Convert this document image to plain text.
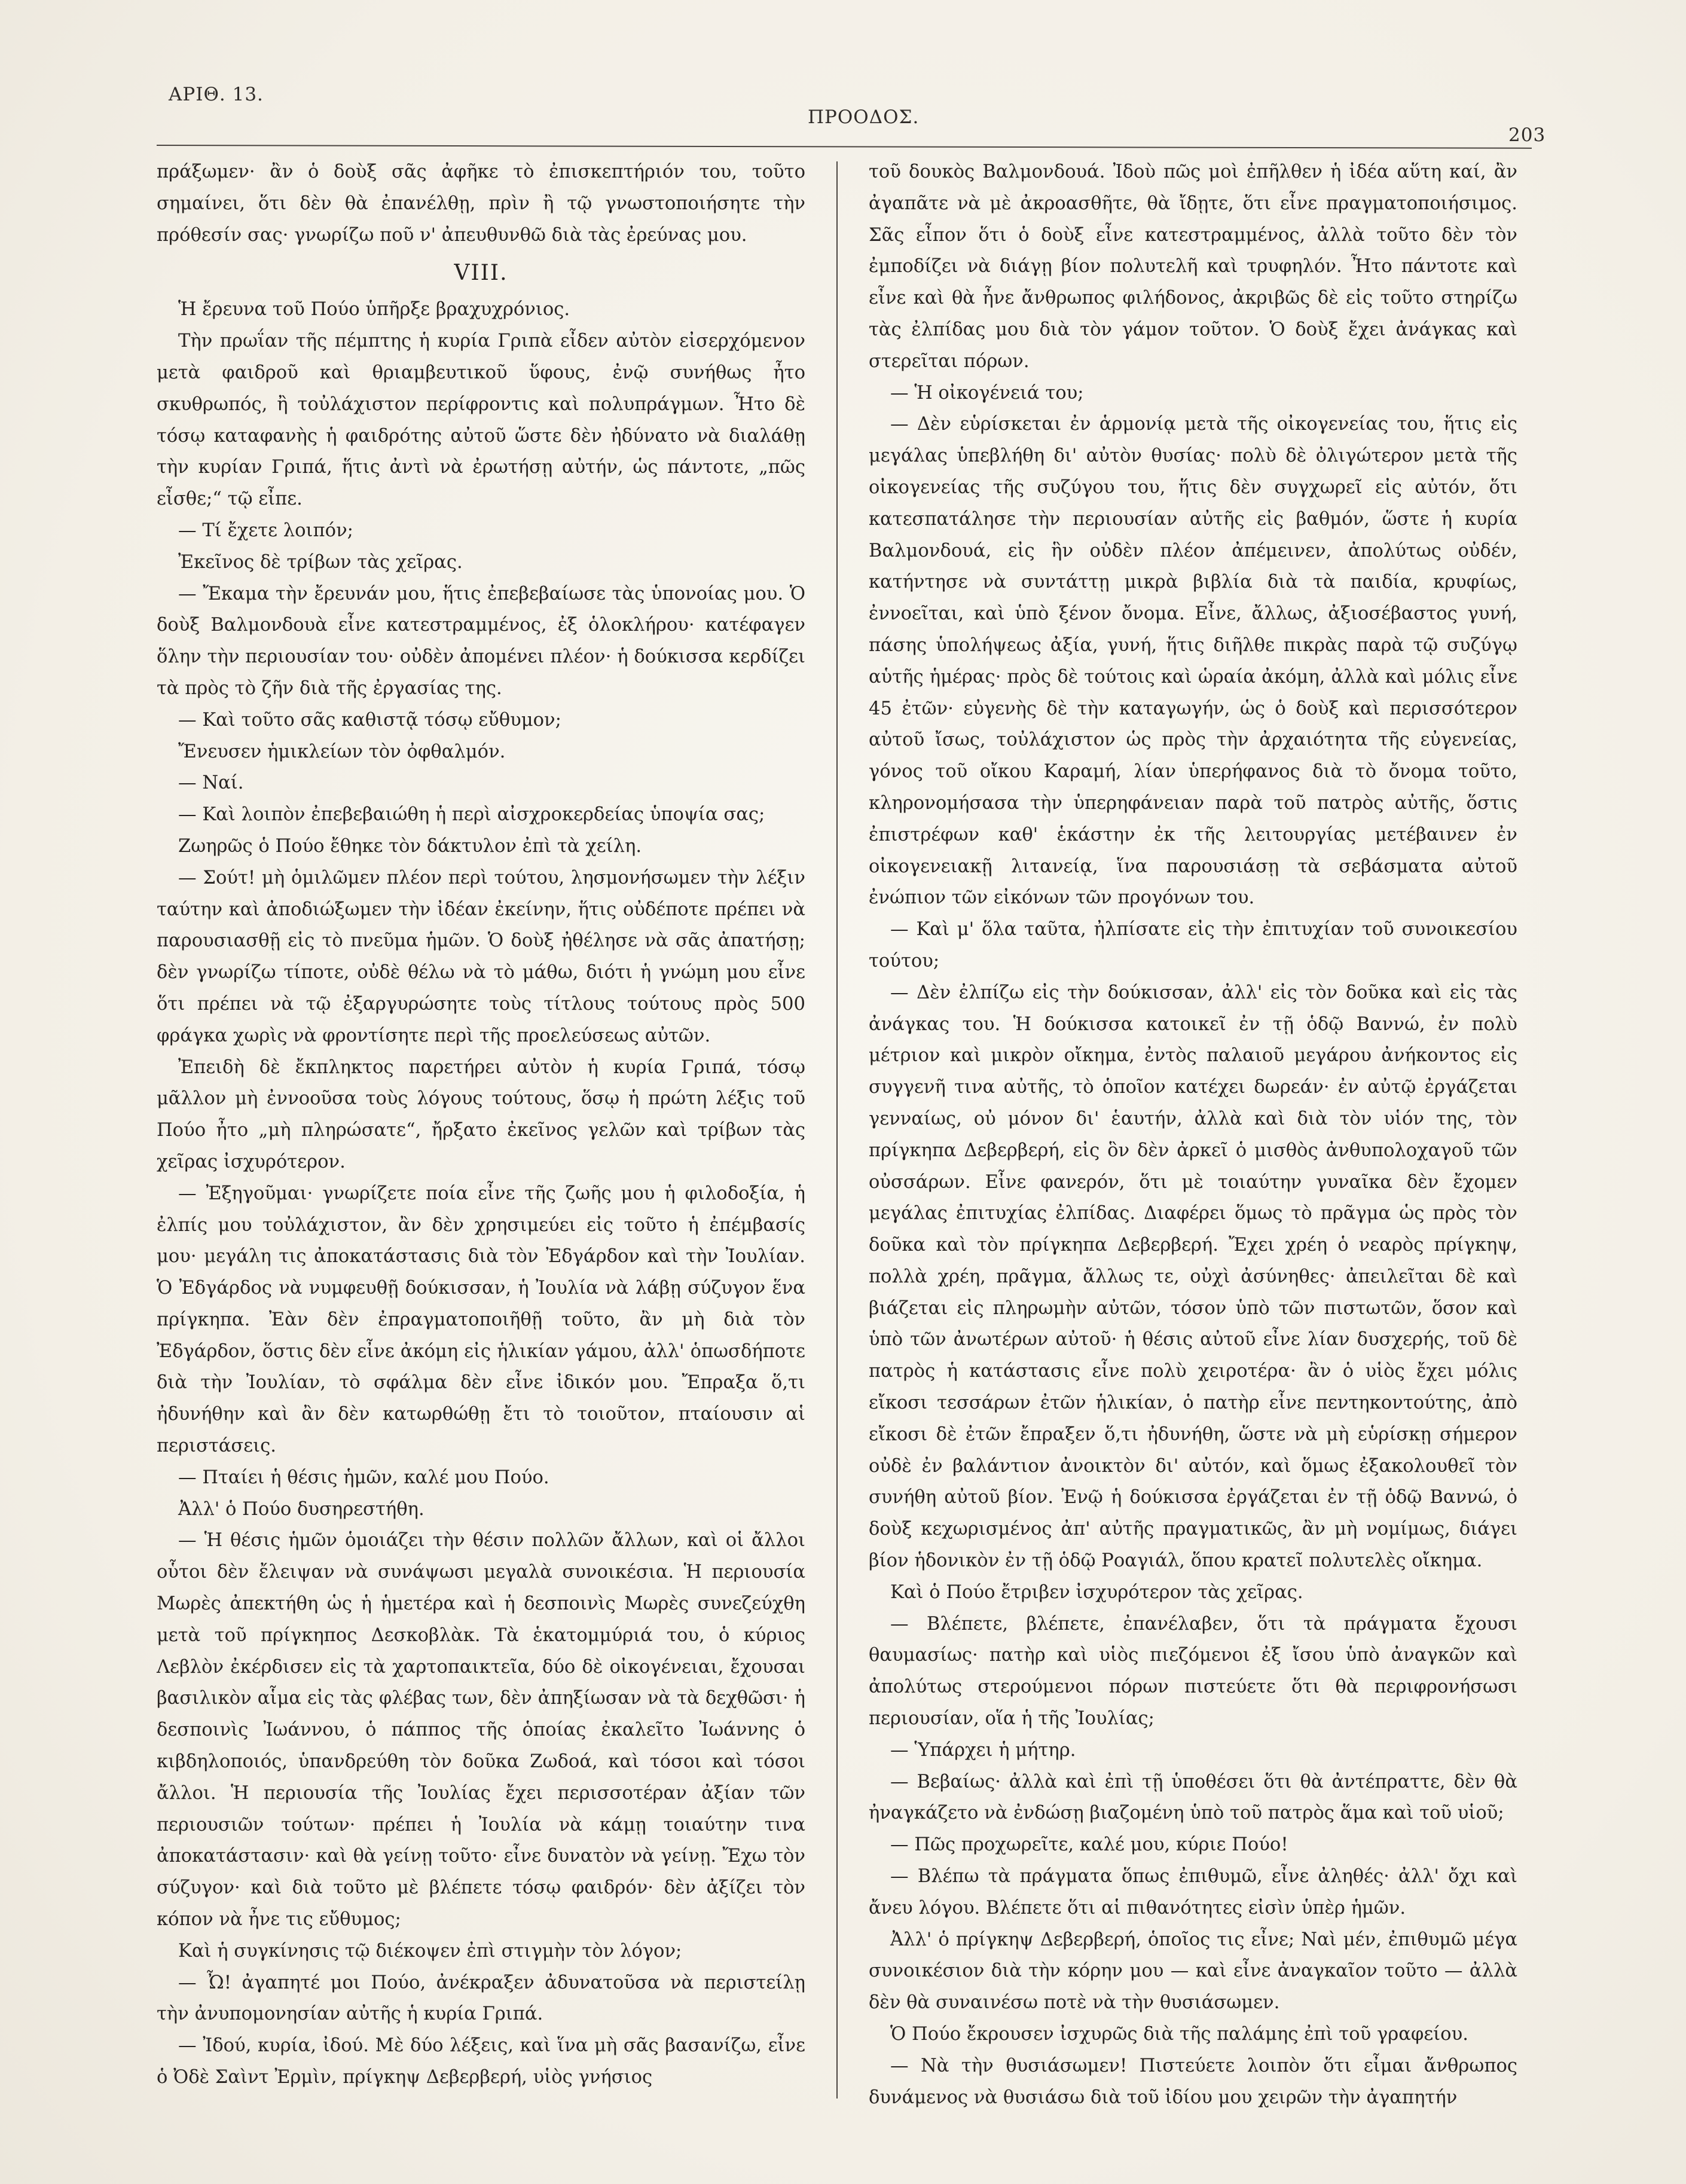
ΑΡΙΘ. 13.
ΠΡΟΟΔΟΣ.
203

πράξωμεν· ἂν ὁ δοὺξ σᾶς ἀφῆκε τὸ ἐπισκεπτήριόν του, τοῦτο σημαίνει, ὅτι δὲν θὰ ἐπανέλθῃ, πρὶν ἢ τῷ γνωστοποιήσητε τὴν πρόθεσίν σας· γνωρίζω ποῦ ν' ἀπευθυνθῶ διὰ τὰς ἐρεύνας μου.

VIII.

Ἡ ἔρευνα τοῦ Πούο ὑπῆρξε βραχυχρόνιος.

Τὴν πρωΐαν τῆς πέμπτης ἡ κυρία Γριπὰ εἶδεν αὐτὸν εἰσερχόμενον μετὰ φαιδροῦ καὶ θριαμβευτικοῦ ὕφους, ἐνῷ συνήθως ἦτο σκυθρωπός, ἢ τοὐλάχιστον περίφροντις καὶ πολυπράγμων. Ἦτο δὲ τόσῳ καταφανὴς ἡ φαιδρότης αὐτοῦ ὥστε δὲν ἠδύνατο νὰ διαλάθῃ τὴν κυρίαν Γριπά, ἥτις ἀντὶ νὰ ἐρωτήσῃ αὐτήν, ὡς πάντοτε, „πῶς εἶσθε;“ τῷ εἶπε.

— Τί ἔχετε λοιπόν;

Ἐκεῖνος δὲ τρίβων τὰς χεῖρας.

— Ἔκαμα τὴν ἔρευνάν μου, ἥτις ἐπεβεβαίωσε τὰς ὑπονοίας μου. Ὁ δοὺξ Βαλμονδουὰ εἶνε κατεστραμμένος, ἐξ ὁλοκλήρου· κατέφαγεν ὅλην τὴν περιουσίαν του· οὐδὲν ἀπομένει πλέον· ἡ δούκισσα κερδίζει τὰ πρὸς τὸ ζῆν διὰ τῆς ἐργασίας της.

— Καὶ τοῦτο σᾶς καθιστᾷ τόσῳ εὔθυμον;

Ἔνευσεν ἡμικλείων τὸν ὀφθαλμόν.

— Ναί.

— Καὶ λοιπὸν ἐπεβεβαιώθη ἡ περὶ αἰσχροκερδείας ὑποψία σας;

Ζωηρῶς ὁ Πούο ἔθηκε τὸν δάκτυλον ἐπὶ τὰ χείλη.

— Σούτ! μὴ ὁμιλῶμεν πλέον περὶ τούτου, λησμονήσωμεν τὴν λέξιν ταύτην καὶ ἀποδιώξωμεν τὴν ἰδέαν ἐκείνην, ἥτις οὐδέποτε πρέπει νὰ παρουσιασθῇ εἰς τὸ πνεῦμα ἡμῶν. Ὁ δοὺξ ἠθέλησε νὰ σᾶς ἀπατήσῃ; δὲν γνωρίζω τίποτε, οὐδὲ θέλω νὰ τὸ μάθω, διότι ἡ γνώμη μου εἶνε ὅτι πρέπει νὰ τῷ ἐξαργυρώσητε τοὺς τίτλους τούτους πρὸς 500 φράγκα χωρὶς νὰ φροντίσητε περὶ τῆς προελεύσεως αὐτῶν.

Ἐπειδὴ δὲ ἔκπληκτος παρετήρει αὐτὸν ἡ κυρία Γριπά, τόσῳ μᾶλλον μὴ ἐννοοῦσα τοὺς λόγους τούτους, ὅσῳ ἡ πρώτη λέξις τοῦ Πούο ἦτο „μὴ πληρώσατε“, ἤρξατο ἐκεῖνος γελῶν καὶ τρίβων τὰς χεῖρας ἰσχυρότερον.

— Ἐξηγοῦμαι· γνωρίζετε ποία εἶνε τῆς ζωῆς μου ἡ φιλοδοξία, ἡ ἐλπίς μου τοὐλάχιστον, ἂν δὲν χρησιμεύει εἰς τοῦτο ἡ ἐπέμβασίς μου· μεγάλη τις ἀποκατάστασις διὰ τὸν Ἐδγάρδον καὶ τὴν Ἰουλίαν. Ὁ Ἐδγάρδος νὰ νυμφευθῇ δούκισσαν, ἡ Ἰουλία νὰ λάβῃ σύζυγον ἕνα πρίγκηπα. Ἐὰν δὲν ἐπραγματοποιῆθῇ τοῦτο, ἂν μὴ διὰ τὸν Ἐδγάρδον, ὅστις δὲν εἶνε ἀκόμη εἰς ἡλικίαν γάμου, ἀλλ' ὁπωσδήποτε διὰ τὴν Ἰουλίαν, τὸ σφάλμα δὲν εἶνε ἰδικόν μου. Ἔπραξα ὅ,τι ἠδυνήθην καὶ ἂν δὲν κατωρθώθῃ ἔτι τὸ τοιοῦτον, πταίουσιν αἱ περιστάσεις.

— Πταίει ἡ θέσις ἡμῶν, καλέ μου Πούο.

Ἀλλ' ὁ Πούο δυσηρεστήθη.

— Ἡ θέσις ἡμῶν ὁμοιάζει τὴν θέσιν πολλῶν ἄλλων, καὶ οἱ ἄλλοι οὗτοι δὲν ἔλειψαν νὰ συνάψωσι μεγαλὰ συνοικέσια. Ἡ περιουσία Μωρὲς ἀπεκτήθη ὡς ἡ ἡμετέρα καὶ ἡ δεσποινὶς Μωρὲς συνεζεύχθη μετὰ τοῦ πρίγκηπος Δεσκοβλὰκ. Τὰ ἑκατομμύριά του, ὁ κύριος Λεβλὸν ἐκέρδισεν εἰς τὰ χαρτοπαικτεῖα, δύο δὲ οἰκογένειαι, ἔχουσαι βασιλικὸν αἷμα εἰς τὰς φλέβας των, δὲν ἀπηξίωσαν νὰ τὰ δεχθῶσι· ἡ δεσποινὶς Ἰωάννου, ὁ πάππος τῆς ὁποίας ἐκαλεῖτο Ἰωάννης ὁ κιβδηλοποιός, ὑπανδρεύθη τὸν δοῦκα Ζωδοά, καὶ τόσοι καὶ τόσοι ἄλλοι. Ἡ περιουσία τῆς Ἰουλίας ἔχει περισσοτέραν ἀξίαν τῶν περιουσιῶν τούτων· πρέπει ἡ Ἰουλία νὰ κάμῃ τοιαύτην τινα ἀποκατάστασιν· καὶ θὰ γείνῃ τοῦτο· εἶνε δυνατὸν νὰ γείνῃ. Ἔχω τὸν σύζυγον· καὶ διὰ τοῦτο μὲ βλέπετε τόσῳ φαιδρόν· δὲν ἀξίζει τὸν κόπον νὰ ἦνε τις εὔθυμος;

Καὶ ἡ συγκίνησις τῷ διέκοψεν ἐπὶ στιγμὴν τὸν λόγον;

— Ὦ! ἀγαπητέ μοι Πούο, ἀνέκραξεν ἀδυνατοῦσα νὰ περιστείλῃ τὴν ἀνυπομονησίαν αὐτῆς ἡ κυρία Γριπά.

— Ἰδού, κυρία, ἰδού. Μὲ δύο λέξεις, καὶ ἵνα μὴ σᾶς βασανίζω, εἶνε ὁ Ὀδὲ Σαὶντ Ἐρμὶν, πρίγκηψ Δεβερβερή, υἱὸς γνήσιος

τοῦ δουκὸς Βαλμονδουά. Ἰδοὺ πῶς μοὶ ἐπῆλθεν ἡ ἰδέα αὕτη καί, ἂν ἀγαπᾶτε νὰ μὲ ἀκροασθῆτε, θὰ ἴδῃτε, ὅτι εἶνε πραγματοποιήσιμος. Σᾶς εἶπον ὅτι ὁ δοὺξ εἶνε κατεστραμμένος, ἀλλὰ τοῦτο δὲν τὸν ἐμποδίζει νὰ διάγῃ βίον πολυτελῆ καὶ τρυφηλόν. Ἦτο πάντοτε καὶ εἶνε καὶ θὰ ἦνε ἄνθρωπος φιλήδονος, ἀκριβῶς δὲ εἰς τοῦτο στηρίζω τὰς ἐλπίδας μου διὰ τὸν γάμον τοῦτον. Ὁ δοὺξ ἔχει ἀνάγκας καὶ στερεῖται πόρων.

— Ἡ οἰκογένειά του;

— Δὲν εὑρίσκεται ἐν ἁρμονίᾳ μετὰ τῆς οἰκογενείας του, ἥτις εἰς μεγάλας ὑπεβλήθη δι' αὐτὸν θυσίας· πολὺ δὲ ὀλιγώτερον μετὰ τῆς οἰκογενείας τῆς συζύγου του, ἥτις δὲν συγχωρεῖ εἰς αὐτόν, ὅτι κατεσπατάλησε τὴν περιουσίαν αὐτῆς εἰς βαθμόν, ὥστε ἡ κυρία Βαλμονδουά, εἰς ἣν οὐδὲν πλέον ἀπέμεινεν, ἀπολύτως οὐδέν, κατήντησε νὰ συντάττῃ μικρὰ βιβλία διὰ τὰ παιδία, κρυφίως, ἐννοεῖται, καὶ ὑπὸ ξένον ὄνομα. Εἶνε, ἄλλως, ἀξιοσέβαστος γυνή, πάσης ὑπολήψεως ἀξία, γυνή, ἥτις διῆλθε πικρὰς παρὰ τῷ συζύγῳ αὑτῆς ἡμέρας· πρὸς δὲ τούτοις καὶ ὡραία ἀκόμη, ἀλλὰ καὶ μόλις εἶνε 45 ἐτῶν· εὐγενὴς δὲ τὴν καταγωγήν, ὡς ὁ δοὺξ καὶ περισσότερον αὐτοῦ ἴσως, τοὐλάχιστον ὡς πρὸς τὴν ἀρχαιότητα τῆς εὐγενείας, γόνος τοῦ οἴκου Καραμή, λίαν ὑπερήφανος διὰ τὸ ὄνομα τοῦτο, κληρονομήσασα τὴν ὑπερηφάνειαν παρὰ τοῦ πατρὸς αὐτῆς, ὅστις ἐπιστρέφων καθ' ἑκάστην ἐκ τῆς λειτουργίας μετέβαινεν ἐν οἰκογενειακῇ λιτανείᾳ, ἵνα παρουσιάσῃ τὰ σεβάσματα αὐτοῦ ἐνώπιον τῶν εἰκόνων τῶν προγόνων του.

— Καὶ μ' ὅλα ταῦτα, ἠλπίσατε εἰς τὴν ἐπιτυχίαν τοῦ συνοικεσίου τούτου;

— Δὲν ἐλπίζω εἰς τὴν δούκισσαν, ἀλλ' εἰς τὸν δοῦκα καὶ εἰς τὰς ἀνάγκας του. Ἡ δούκισσα κατοικεῖ ἐν τῇ ὁδῷ Βαννώ, ἐν πολὺ μέτριον καὶ μικρὸν οἴκημα, ἐντὸς παλαιοῦ μεγάρου ἀνήκοντος εἰς συγγενῆ τινα αὐτῆς, τὸ ὁποῖον κατέχει δωρεάν· ἐν αὐτῷ ἐργάζεται γενναίως, οὐ μόνον δι' ἑαυτήν, ἀλλὰ καὶ διὰ τὸν υἱόν της, τὸν πρίγκηπα Δεβερβερή, εἰς ὃν δὲν ἀρκεῖ ὁ μισθὸς ἀνθυπολοχαγοῦ τῶν οὐσσάρων. Εἶνε φανερόν, ὅτι μὲ τοιαύτην γυναῖκα δὲν ἔχομεν μεγάλας ἐπιτυχίας ἐλπίδας. Διαφέρει ὅμως τὸ πρᾶγμα ὡς πρὸς τὸν δοῦκα καὶ τὸν πρίγκηπα Δεβερβερή. Ἔχει χρέη ὁ νεαρὸς πρίγκηψ, πολλὰ χρέη, πρᾶγμα, ἄλλως τε, οὐχὶ ἀσύνηθες· ἀπειλεῖται δὲ καὶ βιάζεται εἰς πληρωμὴν αὐτῶν, τόσον ὑπὸ τῶν πιστωτῶν, ὅσον καὶ ὑπὸ τῶν ἀνωτέρων αὐτοῦ· ἡ θέσις αὐτοῦ εἶνε λίαν δυσχερής, τοῦ δὲ πατρὸς ἡ κατάστασις εἶνε πολὺ χειροτέρα· ἂν ὁ υἱὸς ἔχει μόλις εἴκοσι τεσσάρων ἐτῶν ἡλικίαν, ὁ πατὴρ εἶνε πεντηκοντούτης, ἀπὸ εἴκοσι δὲ ἐτῶν ἔπραξεν ὅ,τι ἠδυνήθη, ὥστε νὰ μὴ εὑρίσκῃ σήμερον οὐδὲ ἐν βαλάντιον ἀνοικτὸν δι' αὐτόν, καὶ ὅμως ἐξακολουθεῖ τὸν συνήθη αὐτοῦ βίον. Ἐνῷ ἡ δούκισσα ἐργάζεται ἐν τῇ ὁδῷ Βαννώ, ὁ δοὺξ κεχωρισμένος ἀπ' αὐτῆς πραγματικῶς, ἂν μὴ νομίμως, διάγει βίον ἡδονικὸν ἐν τῇ ὁδῷ Ροαγιάλ, ὅπου κρατεῖ πολυτελὲς οἴκημα.

Καὶ ὁ Πούο ἔτριβεν ἰσχυρότερον τὰς χεῖρας.

— Βλέπετε, βλέπετε, ἐπανέλαβεν, ὅτι τὰ πράγματα ἔχουσι θαυμασίως· πατὴρ καὶ υἱὸς πιεζόμενοι ἐξ ἴσου ὑπὸ ἀναγκῶν καὶ ἀπολύτως στερούμενοι πόρων πιστεύετε ὅτι θὰ περιφρονήσωσι περιουσίαν, οἵα ἡ τῆς Ἰουλίας;

— Ὑπάρχει ἡ μήτηρ.

— Βεβαίως· ἀλλὰ καὶ ἐπὶ τῇ ὑποθέσει ὅτι θὰ ἀντέπραττε, δὲν θὰ ἠναγκάζετο νὰ ἐνδώσῃ βιαζομένη ὑπὸ τοῦ πατρὸς ἅμα καὶ τοῦ υἱοῦ;

— Πῶς προχωρεῖτε, καλέ μου, κύριε Πούο!

— Βλέπω τὰ πράγματα ὅπως ἐπιθυμῶ, εἶνε ἀληθές· ἀλλ' ὄχι καὶ ἄνευ λόγου. Βλέπετε ὅτι αἱ πιθανότητες εἰσὶν ὑπὲρ ἡμῶν.

Ἀλλ' ὁ πρίγκηψ Δεβερβερή, ὁποῖος τις εἶνε; Ναὶ μέν, ἐπιθυμῶ μέγα συνοικέσιον διὰ τὴν κόρην μου — καὶ εἶνε ἀναγκαῖον τοῦτο — ἀλλὰ δὲν θὰ συναινέσω ποτὲ νὰ τὴν θυσιάσωμεν.

Ὁ Πούο ἔκρουσεν ἰσχυρῶς διὰ τῆς παλάμης ἐπὶ τοῦ γραφείου.

— Νὰ τὴν θυσιάσωμεν! Πιστεύετε λοιπὸν ὅτι εἶμαι ἄνθρωπος δυνάμενος νὰ θυσιάσω διὰ τοῦ ἰδίου μου χειρῶν τὴν ἀγαπητήν
